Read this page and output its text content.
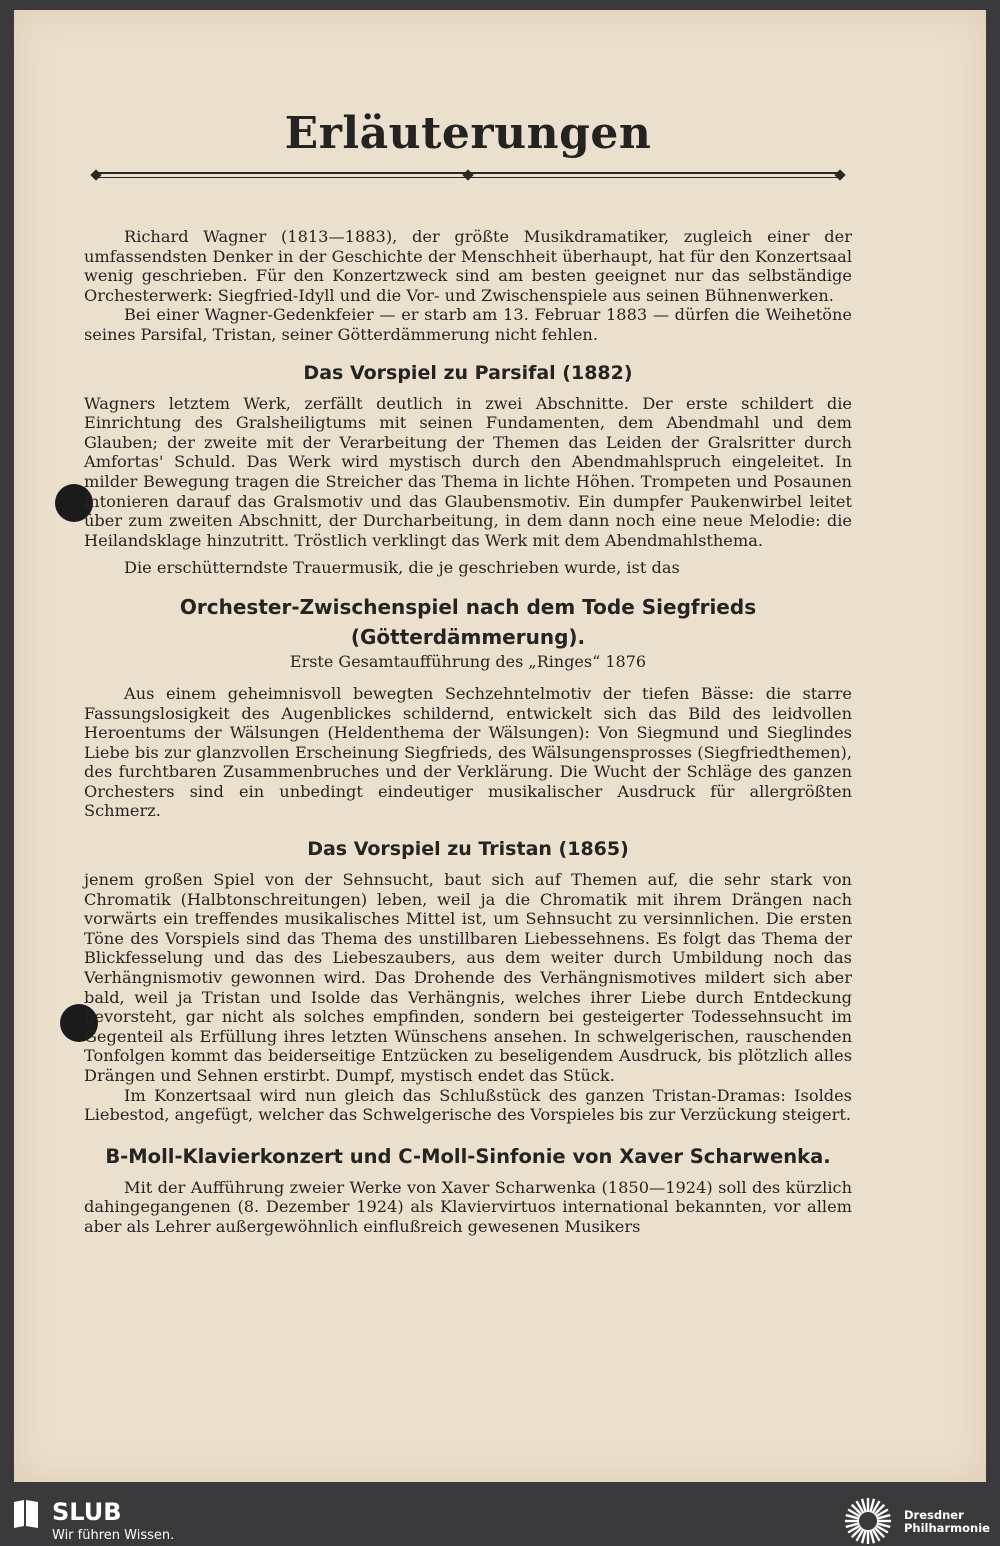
Erläuterungen

Richard Wagner (1813—1883), der größte Musikdramatiker, zugleich einer der umfassendsten Denker in der Geschichte der Menschheit überhaupt, hat für den Konzertsaal wenig geschrieben. Für den Konzertzweck sind am besten geeignet nur das selbständige Orchesterwerk: Siegfried-Idyll und die Vor- und Zwischenspiele aus seinen Bühnenwerken.

Bei einer Wagner-Gedenkfeier — er starb am 13. Februar 1883 — dürfen die Weihetöne seines Parsifal, Tristan, seiner Götterdämmerung nicht fehlen.

Das Vorspiel zu Parsifal (1882)

Wagners letztem Werk, zerfällt deutlich in zwei Abschnitte. Der erste schildert die Einrichtung des Gralsheiligtums mit seinen Fundamenten, dem Abendmahl und dem Glauben; der zweite mit der Verarbeitung der Themen das Leiden der Gralsritter durch Amfortas' Schuld. Das Werk wird mystisch durch den Abendmahlspruch eingeleitet. In milder Bewegung tragen die Streicher das Thema in lichte Höhen. Trompeten und Posaunen intonieren darauf das Gralsmotiv und das Glaubensmotiv. Ein dumpfer Paukenwirbel leitet über zum zweiten Abschnitt, der Durcharbeitung, in dem dann noch eine neue Melodie: die Heilandsklage hinzutritt. Tröstlich verklingt das Werk mit dem Abendmahlsthema.

Die erschütterndste Trauermusik, die je geschrieben wurde, ist das

Orchester-Zwischenspiel nach dem Tode Siegfrieds
(Götterdämmerung).
Erste Gesamtaufführung des „Ringes“ 1876

Aus einem geheimnisvoll bewegten Sechzehntelmotiv der tiefen Bässe: die starre Fassungslosigkeit des Augenblickes schildernd, entwickelt sich das Bild des leidvollen Heroentums der Wälsungen (Heldenthema der Wälsungen): Von Siegmund und Sieglindes Liebe bis zur glanzvollen Erscheinung Siegfrieds, des Wälsungensprosses (Siegfriedthemen), des furchtbaren Zusammenbruches und der Verklärung. Die Wucht der Schläge des ganzen Orchesters sind ein unbedingt eindeutiger musikalischer Ausdruck für allergrößten Schmerz.

Das Vorspiel zu Tristan (1865)

jenem großen Spiel von der Sehnsucht, baut sich auf Themen auf, die sehr stark von Chromatik (Halbtonschreitungen) leben, weil ja die Chromatik mit ihrem Drängen nach vorwärts ein treffendes musikalisches Mittel ist, um Sehnsucht zu versinnlichen. Die ersten Töne des Vorspiels sind das Thema des unstillbaren Liebessehnens. Es folgt das Thema der Blickfesselung und das des Liebeszaubers, aus dem weiter durch Umbildung noch das Verhängnismotiv gewonnen wird. Das Drohende des Verhängnismotives mildert sich aber bald, weil ja Tristan und Isolde das Verhängnis, welches ihrer Liebe durch Entdeckung bevorsteht, gar nicht als solches empfinden, sondern bei gesteigerter Todessehnsucht im Gegenteil als Erfüllung ihres letzten Wünschens ansehen. In schwelgerischen, rauschenden Tonfolgen kommt das beiderseitige Entzücken zu beseligendem Ausdruck, bis plötzlich alles Drängen und Sehnen erstirbt. Dumpf, mystisch endet das Stück.

Im Konzertsaal wird nun gleich das Schlußstück des ganzen Tristan-Dramas: Isoldes Liebestod, angefügt, welcher das Schwelgerische des Vorspieles bis zur Verzückung steigert.

B-Moll-Klavierkonzert und C-Moll-Sinfonie von Xaver Scharwenka.

Mit der Aufführung zweier Werke von Xaver Scharwenka (1850—1924) soll des kürzlich dahingegangenen (8. Dezember 1924) als Klaviervirtuos international bekannten, vor allem aber als Lehrer außergewöhnlich einflußreich gewesenen Musikers

SLUB
Wir führen Wissen.
Dresdner
Philharmonie
